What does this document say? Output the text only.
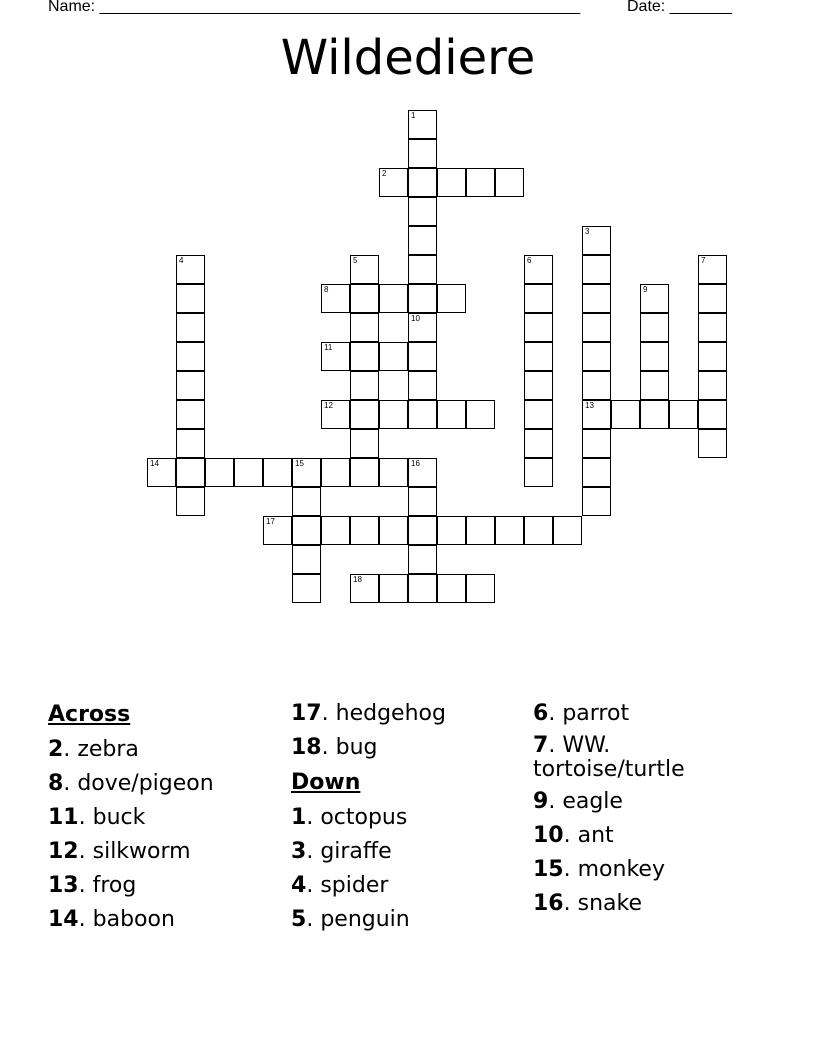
Name: ______________________________________________________	Date: _______
Wildediere
1
2
3
13
4	5	6	7
8	9
10
11
12
14	15	16
17
18
Across
2. zebra
8. dove/pigeon
11. buck
12. silkworm
13. frog
14. baboon
17. hedgehog
18. bug
Down
1. octopus
3. giraffe
4. spider
5. penguin
6. parrot
7. WW. tortoise/turtle
9. eagle
10. ant
15. monkey
16. snake
